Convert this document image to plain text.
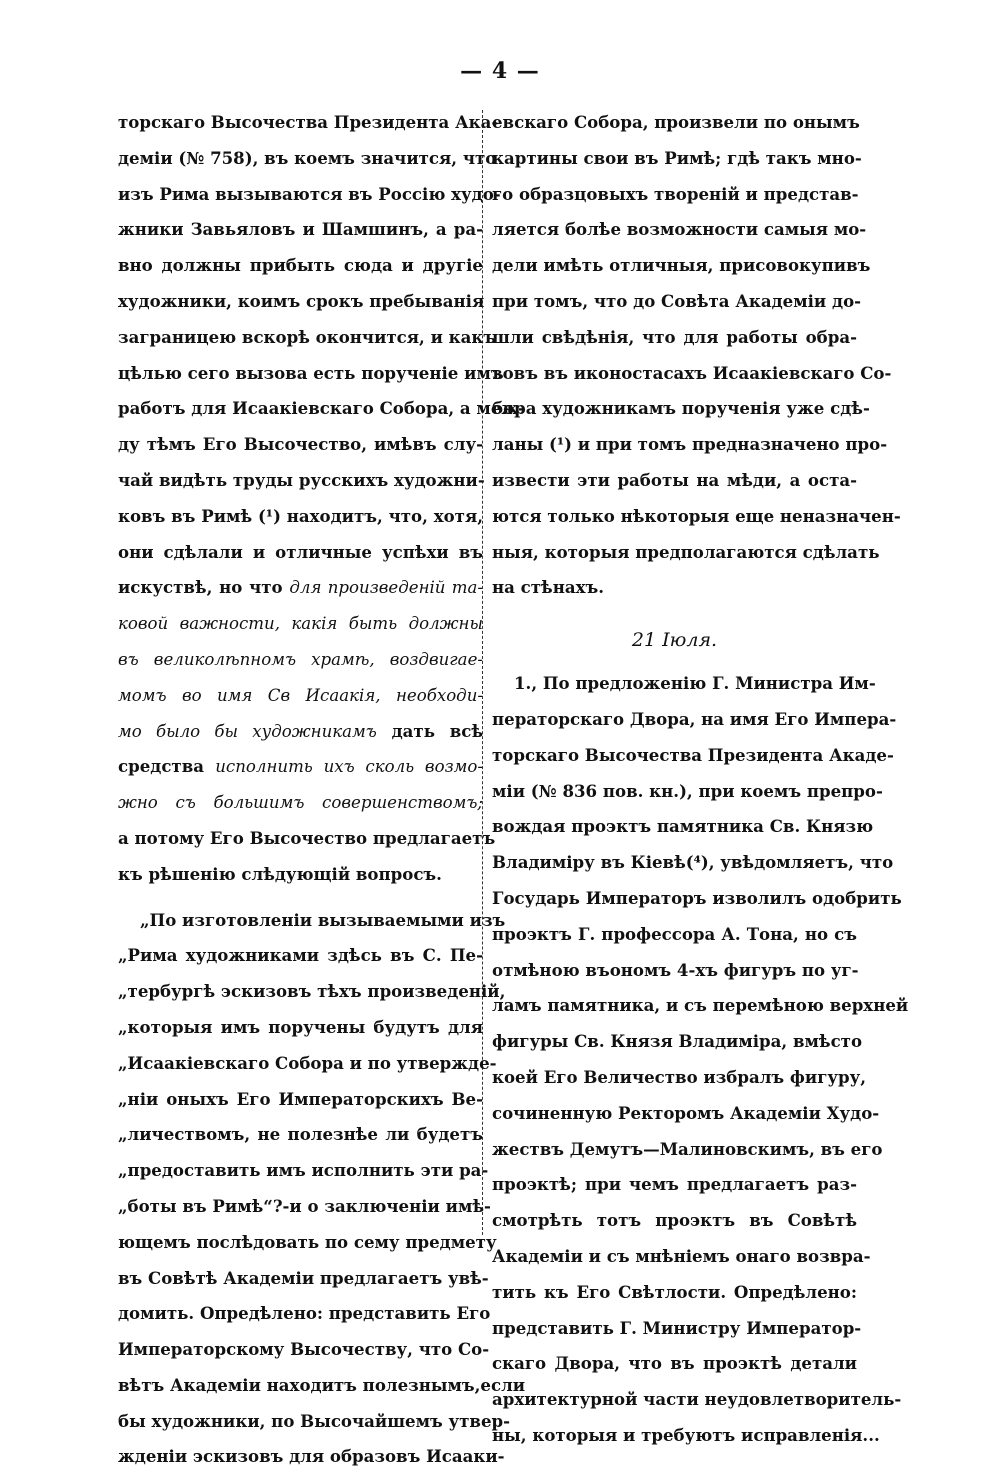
— 4 —

торскаго Высочества Президента Ака-
деміи (№ 758), въ коемъ значится, что
изъ Рима вызываются въ Россію худо-
жники Завьяловъ и Шамшинъ, а ра-
вно должны прибыть сюда и другіе
художники, коимъ срокъ пребыванія
заграницею вскорѣ окончится, и какъ
цѣлью сего вызова есть порученіе имъ
работъ для Исаакіевскаго Собора, а меж-
ду тѣмъ Его Высочество, имѣвъ слу-
чай видѣть труды русскихъ художни-
ковъ въ Римѣ (¹) находитъ, что, хотя,
они сдѣлали и отличные успѣхи въ
искуствѣ, но что для произведеній та-
ковой важности, какія быть должны
въ великолѣпномъ храмѣ, воздвигае-
момъ во имя Св Исаакія, необходи-
мо было бы художникамъ дать всѣ
средства исполнить ихъ сколь возмо-
жно съ большимъ совершенствомъ;
а потому Его Высочество предлагаетъ
къ рѣшенію слѣдующій вопросъ.

„По изготовленіи вызываемыми изъ
„Рима художниками здѣсь въ С. Пе-
„тербургѣ эскизовъ тѣхъ произведеній,
„которыя имъ поручены будутъ для
„Исаакіевскаго Собора и по утвержде-
„ніи оныхъ Его Императорскихъ Ве-
„личествомъ, не полезнѣе ли будетъ
„предоставить имъ исполнить эти ра-
„боты въ Римѣ“?-и о заключеніи имѣ-
ющемъ послѣдовать по сему предмету
въ Совѣтѣ Академіи предлагаетъ увѣ-
домить. Опредѣлено: представить Его
Императорскому Высочеству, что Со-
вѣтъ Академіи находитъ полезнымъ,если
бы художники, по Высочайшемъ утвер-
жденіи эскизовъ для образовъ Исааки-

евскаго Собора, произвели по онымъ
картины свои въ Римѣ; гдѣ такъ мно-
го образцовыхъ твореній и представ-
ляется болѣе возможности самыя мо-
дели имѣть отличныя, присовокупивъ
при томъ, что до Совѣта Академіи до-
шли свѣдѣнія, что для работы обра-
зовъ въ иконостасахъ Исаакіевскаго Со-
бора художникамъ порученія уже сдѣ-
ланы (¹) и при томъ предназначено про-
извести эти работы на мѣди, а оста-
ются только нѣкоторыя еще неназначен-
ныя, которыя предполагаются сдѣлать
на стѣнахъ.

21 Іюля.

1., По предложенію Г. Министра Им-
ператорскаго Двора, на имя Его Импера-
торскаго Высочества Президента Акаде-
міи (№ 836 пов. кн.), при коемъ препро-
вождая проэктъ памятника Св. Князю
Владиміру въ Кіевѣ(⁴), увѣдомляетъ, что
Государь Императоръ изволилъ одобрить
проэктъ Г. профессора А. Тона, но съ
отмѣною въономъ 4-хъ фигуръ по уг-
ламъ памятника, и съ перемѣною верхней
фигуры Св. Князя Владиміра, вмѣсто
коей Его Величество избралъ фигуру,
сочиненную Ректоромъ Академіи Худо-
жествъ Демутъ—Малиновскимъ, въ его
проэктѣ; при чемъ предлагаетъ раз-
смотрѣть тотъ проэктъ въ Совѣтѣ
Академіи и съ мнѣніемъ онаго возвра-
тить къ Его Свѣтлости. Опредѣлено:
представить Г. Министру Император-
скаго Двора, что въ проэктѣ детали
архитектурной части неудовлетворитель-
ны, которыя и требуютъ исправленія...
